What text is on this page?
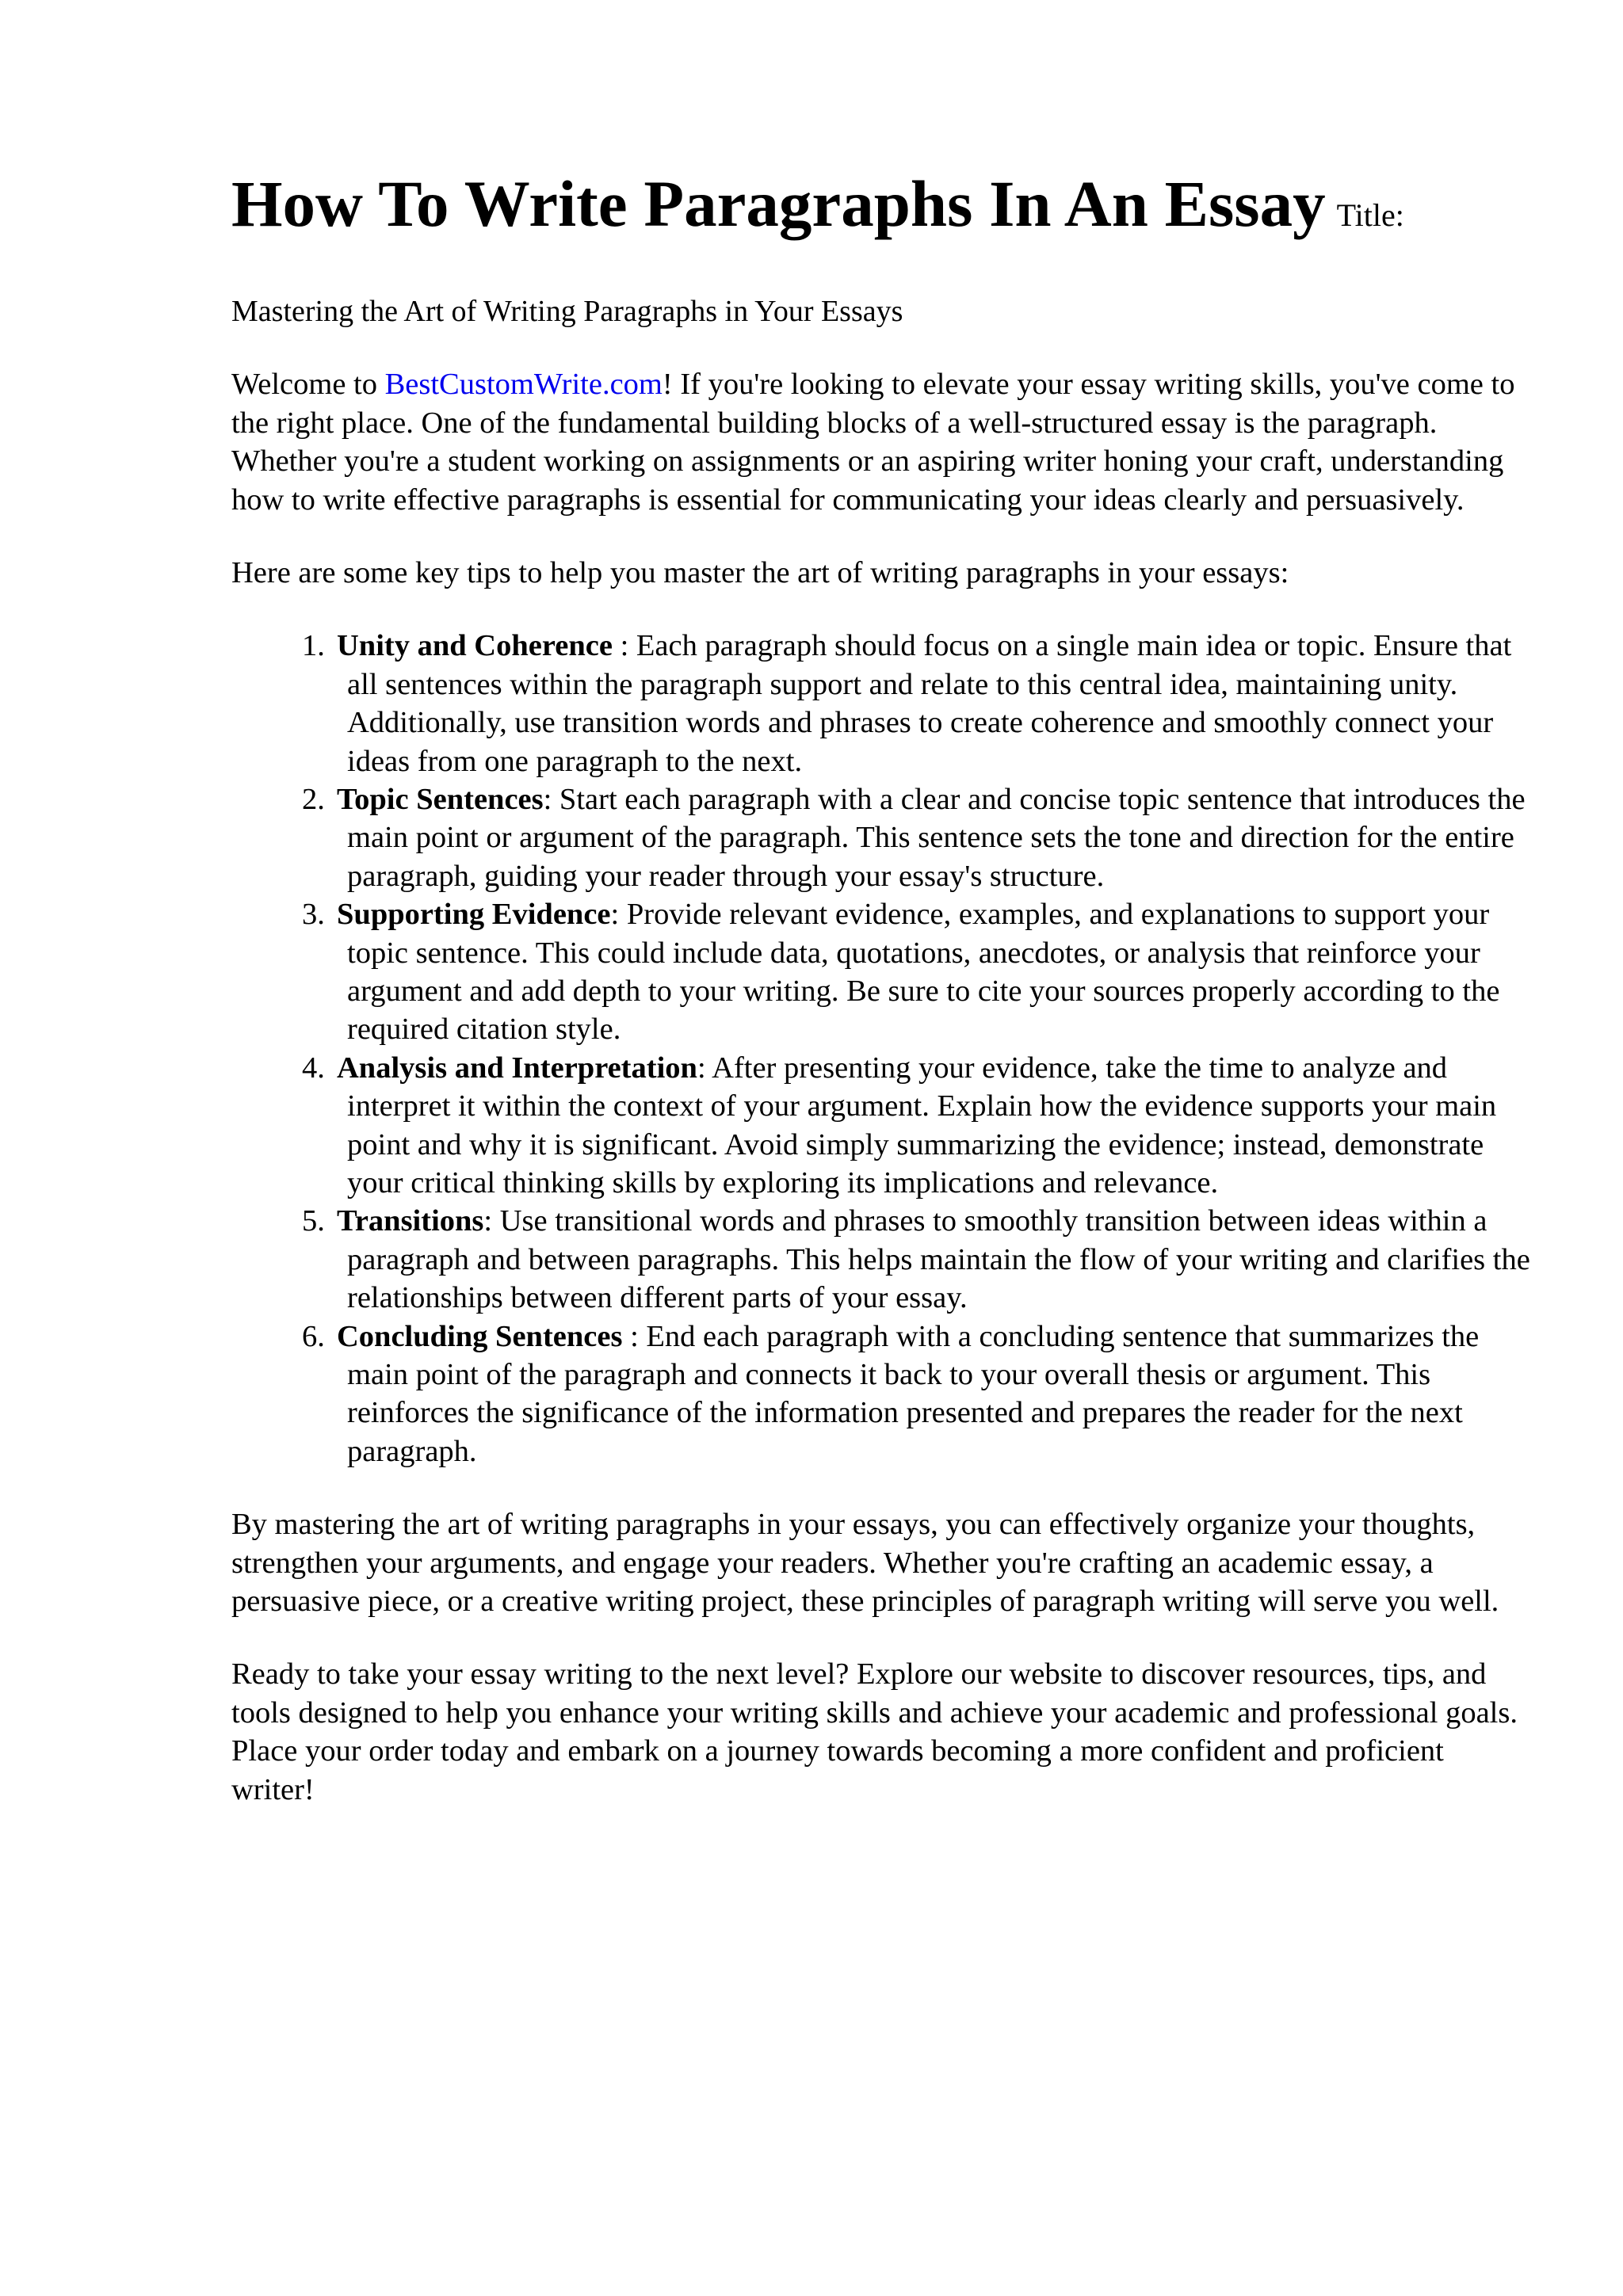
How To Write Paragraphs In An Essay Title:

Mastering the Art of Writing Paragraphs in Your Essays

Welcome to BestCustomWrite.com! If you're looking to elevate your essay writing skills, you've come to the right place. One of the fundamental building blocks of a well-structured essay is the paragraph. Whether you're a student working on assignments or an aspiring writer honing your craft, understanding how to write effective paragraphs is essential for communicating your ideas clearly and persuasively.

Here are some key tips to help you master the art of writing paragraphs in your essays:

1. Unity and Coherence : Each paragraph should focus on a single main idea or topic. Ensure that all sentences within the paragraph support and relate to this central idea, maintaining unity. Additionally, use transition words and phrases to create coherence and smoothly connect your ideas from one paragraph to the next.
2. Topic Sentences: Start each paragraph with a clear and concise topic sentence that introduces the main point or argument of the paragraph. This sentence sets the tone and direction for the entire paragraph, guiding your reader through your essay's structure.
3. Supporting Evidence: Provide relevant evidence, examples, and explanations to support your topic sentence. This could include data, quotations, anecdotes, or analysis that reinforce your argument and add depth to your writing. Be sure to cite your sources properly according to the required citation style.
4. Analysis and Interpretation: After presenting your evidence, take the time to analyze and interpret it within the context of your argument. Explain how the evidence supports your main point and why it is significant. Avoid simply summarizing the evidence; instead, demonstrate your critical thinking skills by exploring its implications and relevance.
5. Transitions: Use transitional words and phrases to smoothly transition between ideas within a paragraph and between paragraphs. This helps maintain the flow of your writing and clarifies the relationships between different parts of your essay.
6. Concluding Sentences : End each paragraph with a concluding sentence that summarizes the main point of the paragraph and connects it back to your overall thesis or argument. This reinforces the significance of the information presented and prepares the reader for the next paragraph.

By mastering the art of writing paragraphs in your essays, you can effectively organize your thoughts, strengthen your arguments, and engage your readers. Whether you're crafting an academic essay, a persuasive piece, or a creative writing project, these principles of paragraph writing will serve you well.

Ready to take your essay writing to the next level? Explore our website to discover resources, tips, and tools designed to help you enhance your writing skills and achieve your academic and professional goals. Place your order today and embark on a journey towards becoming a more confident and proficient writer!
